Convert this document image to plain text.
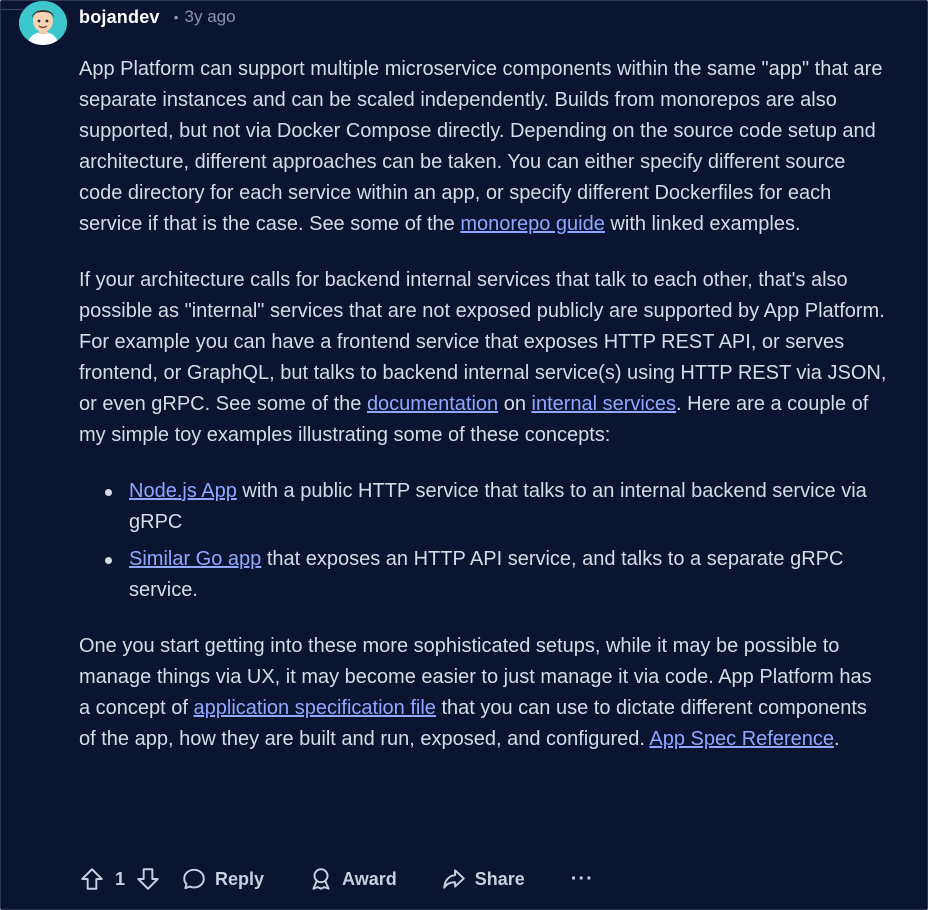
bojandev • 3y ago

App Platform can support multiple microservice components within the same "app" that are separate instances and can be scaled independently. Builds from monorepos are also supported, but not via Docker Compose directly. Depending on the source code setup and architecture, different approaches can be taken. You can either specify different source code directory for each service within an app, or specify different Dockerfiles for each service if that is the case. See some of the monorepo guide with linked examples.

If your architecture calls for backend internal services that talk to each other, that's also possible as "internal" services that are not exposed publicly are supported by App Platform. For example you can have a frontend service that exposes HTTP REST API, or serves frontend, or GraphQL, but talks to backend internal service(s) using HTTP REST via JSON, or even gRPC. See some of the documentation on internal services. Here are a couple of my simple toy examples illustrating some of these concepts:

Node.js App with a public HTTP service that talks to an internal backend service via gRPC
Similar Go app that exposes an HTTP API service, and talks to a separate gRPC service.

One you start getting into these more sophisticated setups, while it may be possible to manage things via UX, it may become easier to just manage it via code. App Platform has a concept of application specification file that you can use to dictate different components of the app, how they are built and run, exposed, and configured. App Spec Reference.

1	Reply	Award	Share ···
